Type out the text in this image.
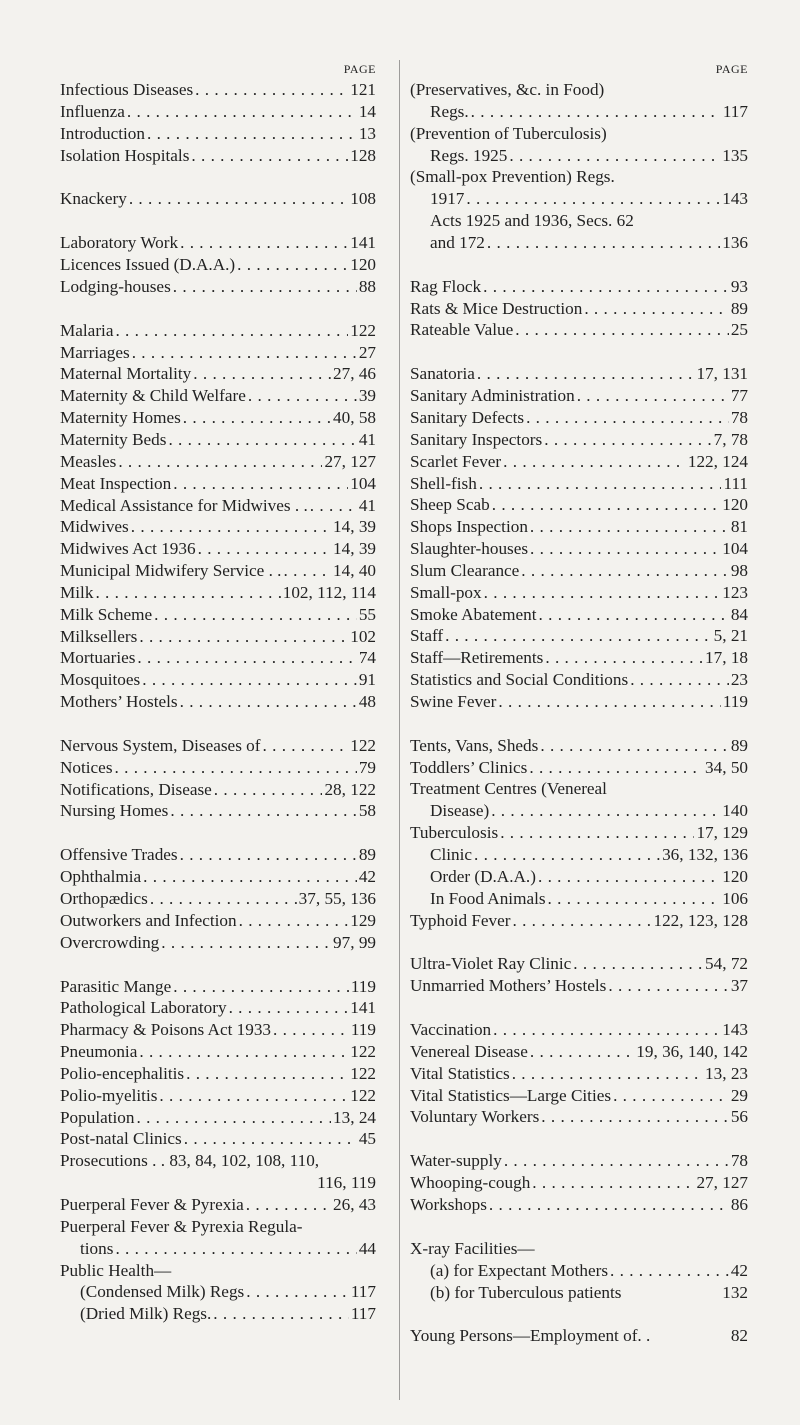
PAGE
Infectious Diseases . . .	121
Influenza . . .	14
Introduction . . .	13
Isolation Hospitals . . .	128
Knackery . . .	108
Laboratory Work . . .	141
Licences Issued (D.A.A.) . . .	120
Lodging-houses . . .	88
Malaria . . .	122
Marriages . . .	27
Maternal Mortality . . .	27, 46
Maternity & Child Welfare . . .	39
Maternity Homes . . .	40, 58
Maternity Beds . . .	41
Measles . . .	27, 127
Meat Inspection . . .	104
Medical Assistance for Midwives . . . . .	41
Midwives . . .	14, 39
Midwives Act 1936 . . .	14, 39
Municipal Midwifery Service . . . . .	14, 40
Milk . . .	102, 112, 114
Milk Scheme . . .	55
Milksellers . . .	102
Mortuaries . . .	74
Mosquitoes . . .	91
Mothers’ Hostels . . .	48
Nervous System, Diseases of . . .	122
Notices . . .	79
Notifications, Disease . . .	28, 122
Nursing Homes . . .	58
Offensive Trades . . .	89
Ophthalmia . . .	42
Orthopædics . . .	37, 55, 136
Outworkers and Infection . . .	129
Overcrowding . . .	97, 99
Parasitic Mange . . .	119
Pathological Laboratory . . .	141
Pharmacy & Poisons Act 1933 . . .	119
Pneumonia . . .	122
Polio-encephalitis . . .	122
Polio-myelitis . . .	122
Population . . .	13, 24
Post-natal Clinics . . .	45
Prosecutions . . 83, 84, 102, 108, 110,
116, 119
Puerperal Fever & Pyrexia . . .	26, 43
Puerperal Fever & Pyrexia Regula-
tions . . .	44
Public Health—
(Condensed Milk) Regs . . .	117
(Dried Milk) Regs. . . .	117
PAGE
(Preservatives, &c. in Food)
Regs. . . .	117
(Prevention of Tuberculosis)
Regs. 1925 . . .	135
(Small-pox Prevention) Regs.
1917 . . .	143
Acts 1925 and 1936, Secs. 62
and 172 . . .	136
Rag Flock . . .	93
Rats & Mice Destruction . . .	89
Rateable Value . . .	25
Sanatoria . . .	17, 131
Sanitary Administration . . .	77
Sanitary Defects . . .	78
Sanitary Inspectors . . .	7, 78
Scarlet Fever . . .	122, 124
Shell-fish . . .	111
Sheep Scab . . .	120
Shops Inspection . . .	81
Slaughter-houses . . .	104
Slum Clearance . . .	98
Small-pox . . .	123
Smoke Abatement . . .	84
Staff . . .	5, 21
Staff—Retirements . . .	17, 18
Statistics and Social Conditions . . .	23
Swine Fever . . .	119
Tents, Vans, Sheds . . .	89
Toddlers’ Clinics . . .	34, 50
Treatment Centres (Venereal
Disease) . . .	140
Tuberculosis . . .	17, 129
Clinic . . .	36, 132, 136
Order (D.A.A.) . . .	120
In Food Animals . . .	106
Typhoid Fever . . .	122, 123, 128
Ultra-Violet Ray Clinic . . .	54, 72
Unmarried Mothers’ Hostels . . .	37
Vaccination . . .	143
Venereal Disease . . .	19, 36, 140, 142
Vital Statistics . . .	13, 23
Vital Statistics—Large Cities . . .	29
Voluntary Workers . . .	56
Water-supply . . .	78
Whooping-cough . . .	27, 127
Workshops . . .	86
X-ray Facilities—
(a) for Expectant Mothers . . .	42
(b) for Tuberculous patients	132
Young Persons—Employment of. .	82
